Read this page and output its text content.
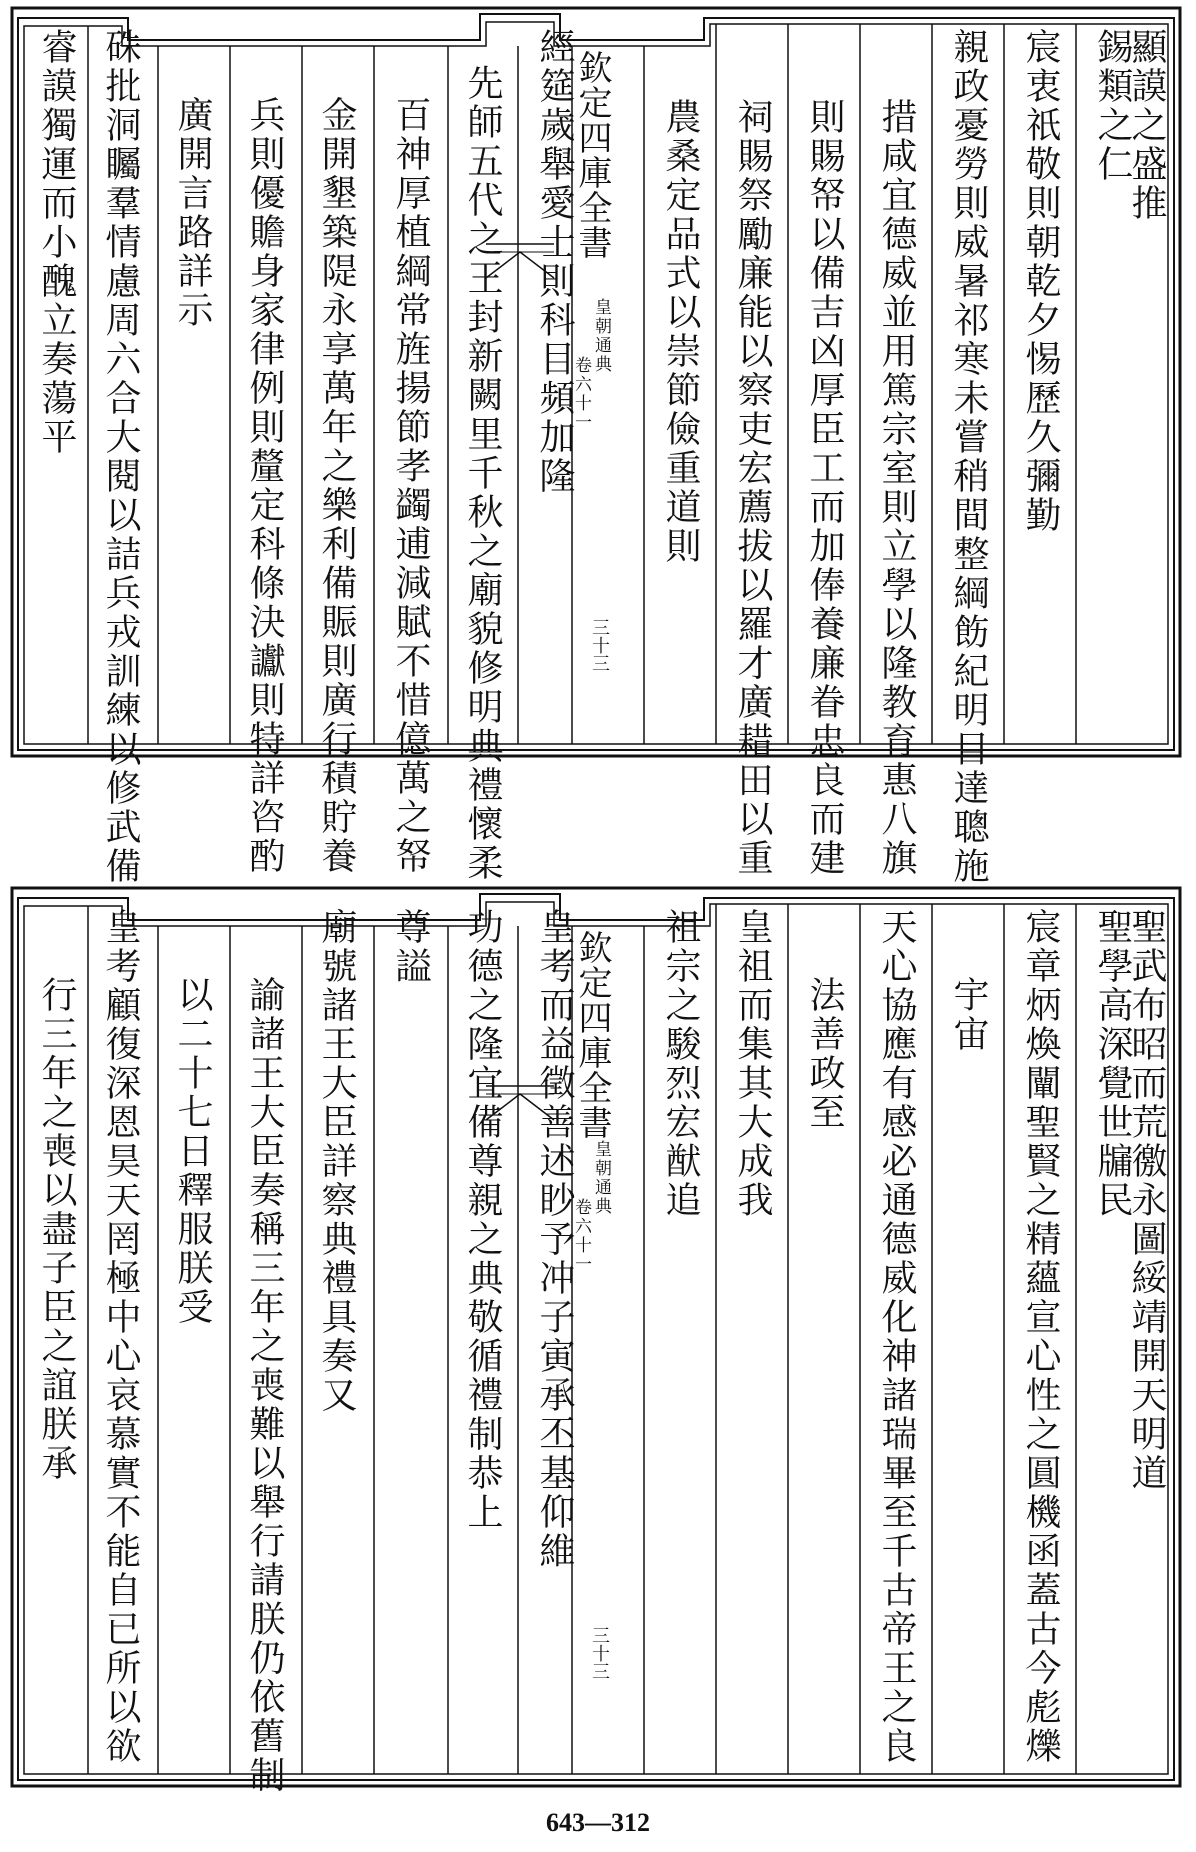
睿謨獨運而小醜立奏蕩平 硃批洞矚羣情慮周六合大閱以詰兵戎訓練以修武備 廣開言路詳示 兵則優贍身家律例則釐定科條決讞則特詳咨酌 金開墾築隄永享萬年之樂利備賑則廣行積貯養 百神厚植綱常旌揚節孝蠲逋減賦不惜億萬之帑 先師五代之王封新闕里千秋之廟貌修明典禮懷柔 經筵歲舉愛士則科目頻加隆
欽定四庫全書
皇朝通典
卷六十一
三十三
農桑定品式以崇節儉重道則 祠賜祭勵廉能以察吏宏薦拔以羅才廣耤田以重 則賜帑以備吉凶厚臣工而加俸養廉眷忠良而建 措咸宜德威並用篤宗室則立學以隆教育惠八旗 親政憂勞則威暑祁寒未嘗稍間整綱飭紀明目達聰施 宸衷祇敬則朝乾夕惕歷久彌勤 錫類之仁
顯謨之盛推
行三年之喪以盡子臣之誼朕承 皇考顧復深恩昊天罔極中心哀慕實不能自已所以欲 以二十七日釋服朕受 諭諸王大臣奏稱三年之喪難以舉行請朕仍依舊制 廟號諸王大臣詳察典禮具奏又 尊謚 功德之隆宜備尊親之典敬循禮制恭上 皇考而益徵善述眇予冲子寅承丕基仰維
欽定四庫全書
皇朝通典
卷六十一
三十三
祖宗之駿烈宏猷追 皇祖而集其大成我 法善政至 天心協應有感必通德威化神諸瑞畢至千古帝王之良 宇宙 宸章炳煥闡聖賢之精蘊宣心性之圓機函蓋古今彪爍 聖學高深覺世牖民
聖武布昭而荒徼永圖綏靖開天明道
643—312
